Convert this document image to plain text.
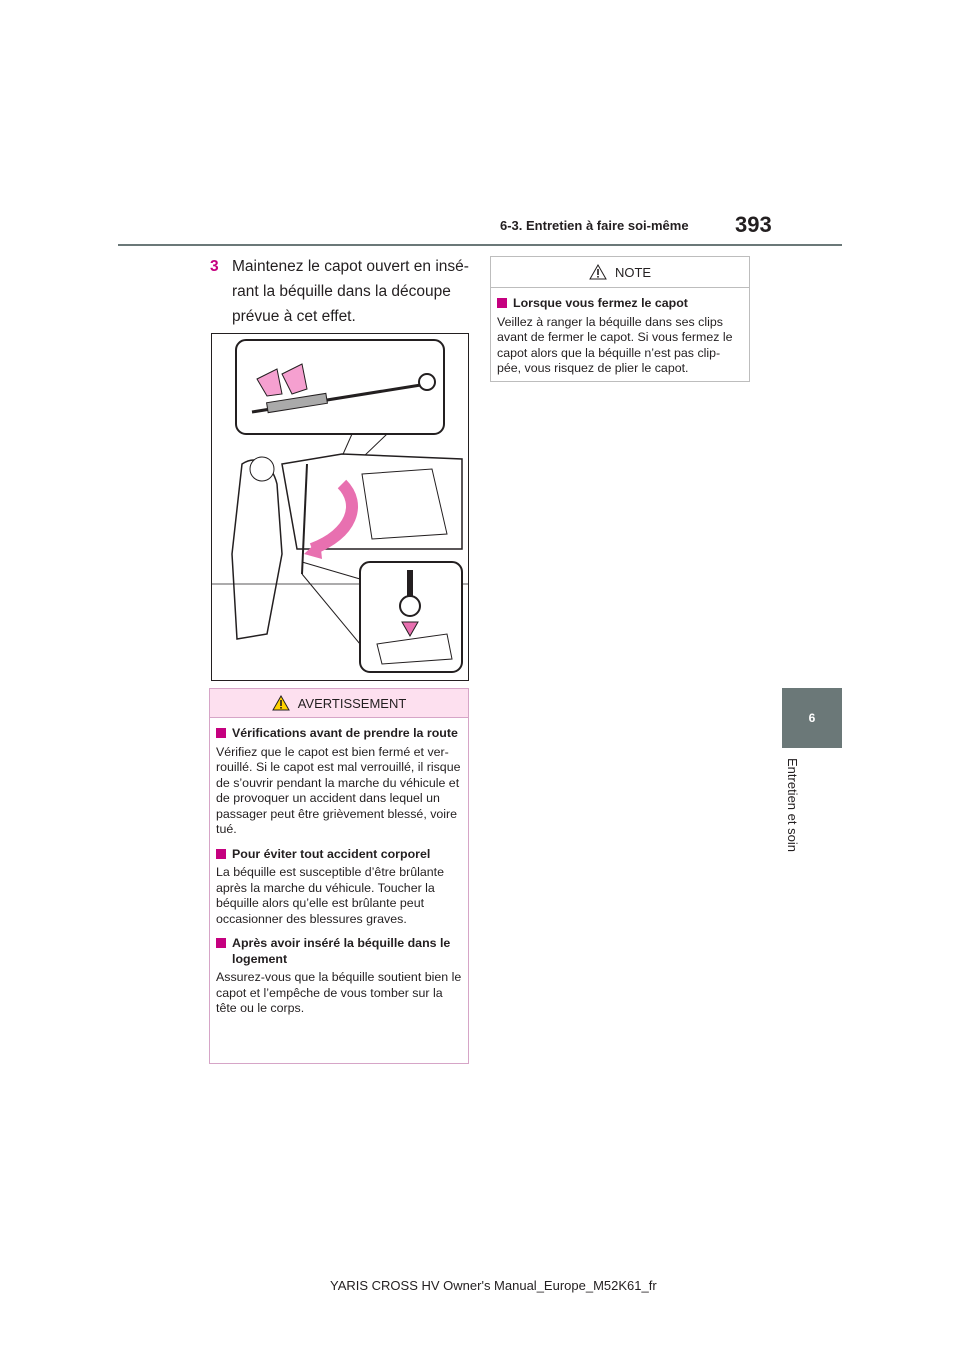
6-3. Entretien à faire soi-même 393
6
Entretien et soin
3 Maintenez le capot ouvert en insé-rant la béquille dans la découpe prévue à cet effet.
AVERTISSEMENT
Vérifications avant de prendre la route

Vérifiez que le capot est bien fermé et ver-rouillé. Si le capot est mal verrouillé, il risque de s’ouvrir pendant la marche du véhicule et de provoquer un accident dans lequel un passager peut être grièvement blessé, voire tué.

Pour éviter tout accident corporel

La béquille est susceptible d’être brûlante après la marche du véhicule. Toucher la béquille alors qu’elle est brûlante peut occasionner des blessures graves.

Après avoir inséré la béquille dans le logement

Assurez-vous que la béquille soutient bien le capot et l’empêche de vous tomber sur la tête ou le corps.

NOTE
Lorsque vous fermez le capot

Veillez à ranger la béquille dans ses clips avant de fermer le capot. Si vous fermez le capot alors que la béquille n’est pas clip-pée, vous risquez de plier le capot.

YARIS CROSS HV Owner's Manual_Europe_M52K61_fr
